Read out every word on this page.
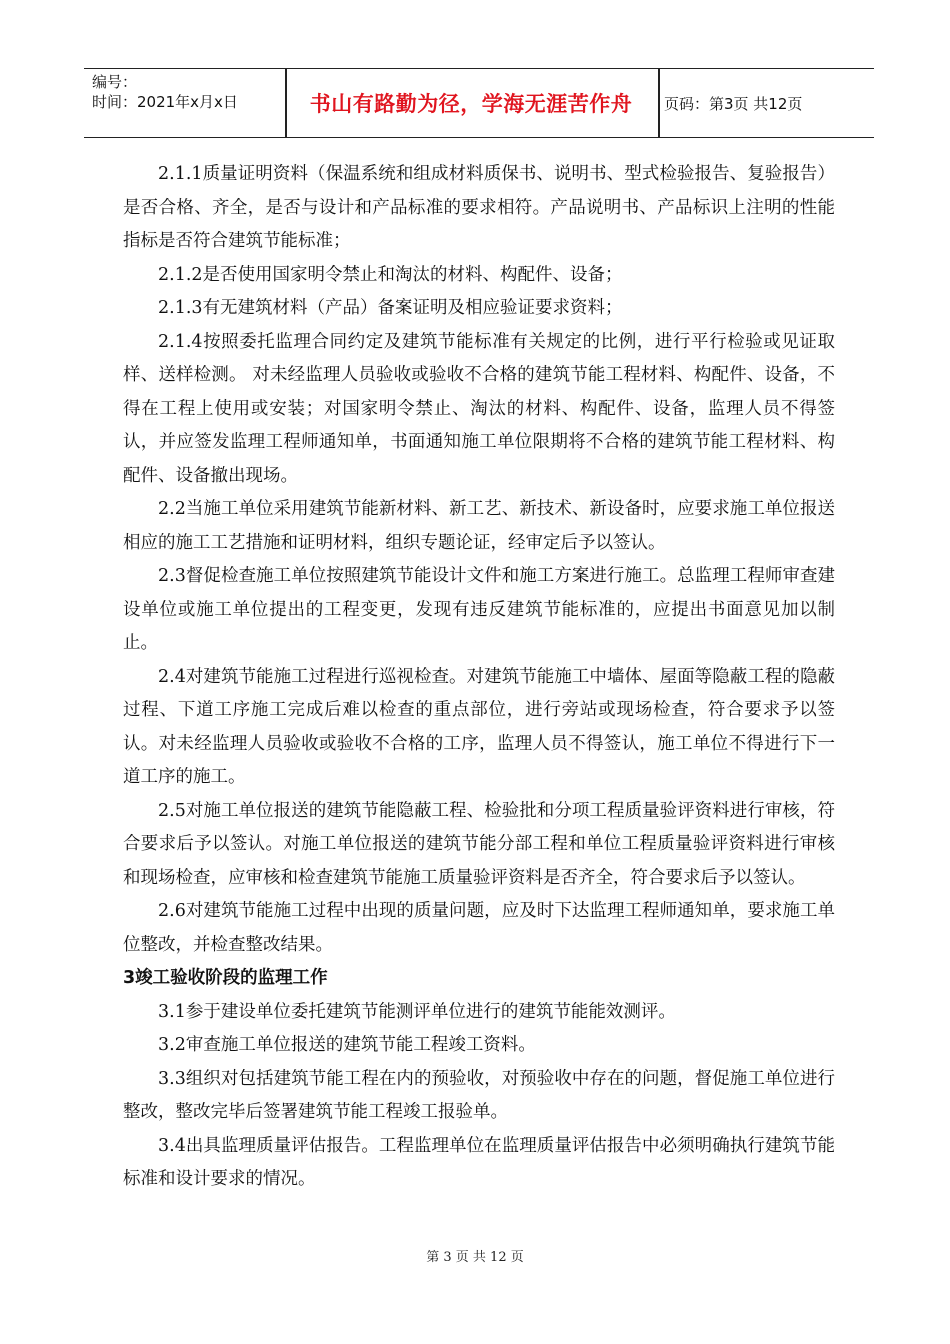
编号：
时间：2021年x月x日	书山有路勤为径，学海无涯苦作舟	页码：第3页 共12页

2.1.1质量证明资料（保温系统和组成材料质保书、说明书、型式检验报告、复验报告）是否合格、齐全，是否与设计和产品标准的要求相符。产品说明书、产品标识上注明的性能指标是否符合建筑节能标准；

2.1.2是否使用国家明令禁止和淘汰的材料、构配件、设备；

2.1.3有无建筑材料（产品）备案证明及相应验证要求资料；

2.1.4按照委托监理合同约定及建筑节能标准有关规定的比例，进行平行检验或见证取样、送样检测。 对未经监理人员验收或验收不合格的建筑节能工程材料、构配件、设备，不得在工程上使用或安装；对国家明令禁止、淘汰的材料、构配件、设备，监理人员不得签认，并应签发监理工程师通知单，书面通知施工单位限期将不合格的建筑节能工程材料、构配件、设备撤出现场。

2.2当施工单位采用建筑节能新材料、新工艺、新技术、新设备时，应要求施工单位报送相应的施工工艺措施和证明材料，组织专题论证，经审定后予以签认。

2.3督促检查施工单位按照建筑节能设计文件和施工方案进行施工。总监理工程师审查建设单位或施工单位提出的工程变更，发现有违反建筑节能标准的，应提出书面意见加以制止。

2.4对建筑节能施工过程进行巡视检查。对建筑节能施工中墙体、屋面等隐蔽工程的隐蔽过程、下道工序施工完成后难以检查的重点部位，进行旁站或现场检查，符合要求予以签认。对未经监理人员验收或验收不合格的工序，监理人员不得签认，施工单位不得进行下一道工序的施工。

2.5对施工单位报送的建筑节能隐蔽工程、检验批和分项工程质量验评资料进行审核，符合要求后予以签认。对施工单位报送的建筑节能分部工程和单位工程质量验评资料进行审核和现场检查，应审核和检查建筑节能施工质量验评资料是否齐全，符合要求后予以签认。

2.6对建筑节能施工过程中出现的质量问题，应及时下达监理工程师通知单，要求施工单位整改，并检查整改结果。

3竣工验收阶段的监理工作

3.1参于建设单位委托建筑节能测评单位进行的建筑节能能效测评。

3.2审查施工单位报送的建筑节能工程竣工资料。

3.3组织对包括建筑节能工程在内的预验收，对预验收中存在的问题，督促施工单位进行整改，整改完毕后签署建筑节能工程竣工报验单。

3.4出具监理质量评估报告。工程监理单位在监理质量评估报告中必须明确执行建筑节能标准和设计要求的情况。

第 3 页 共 12 页
